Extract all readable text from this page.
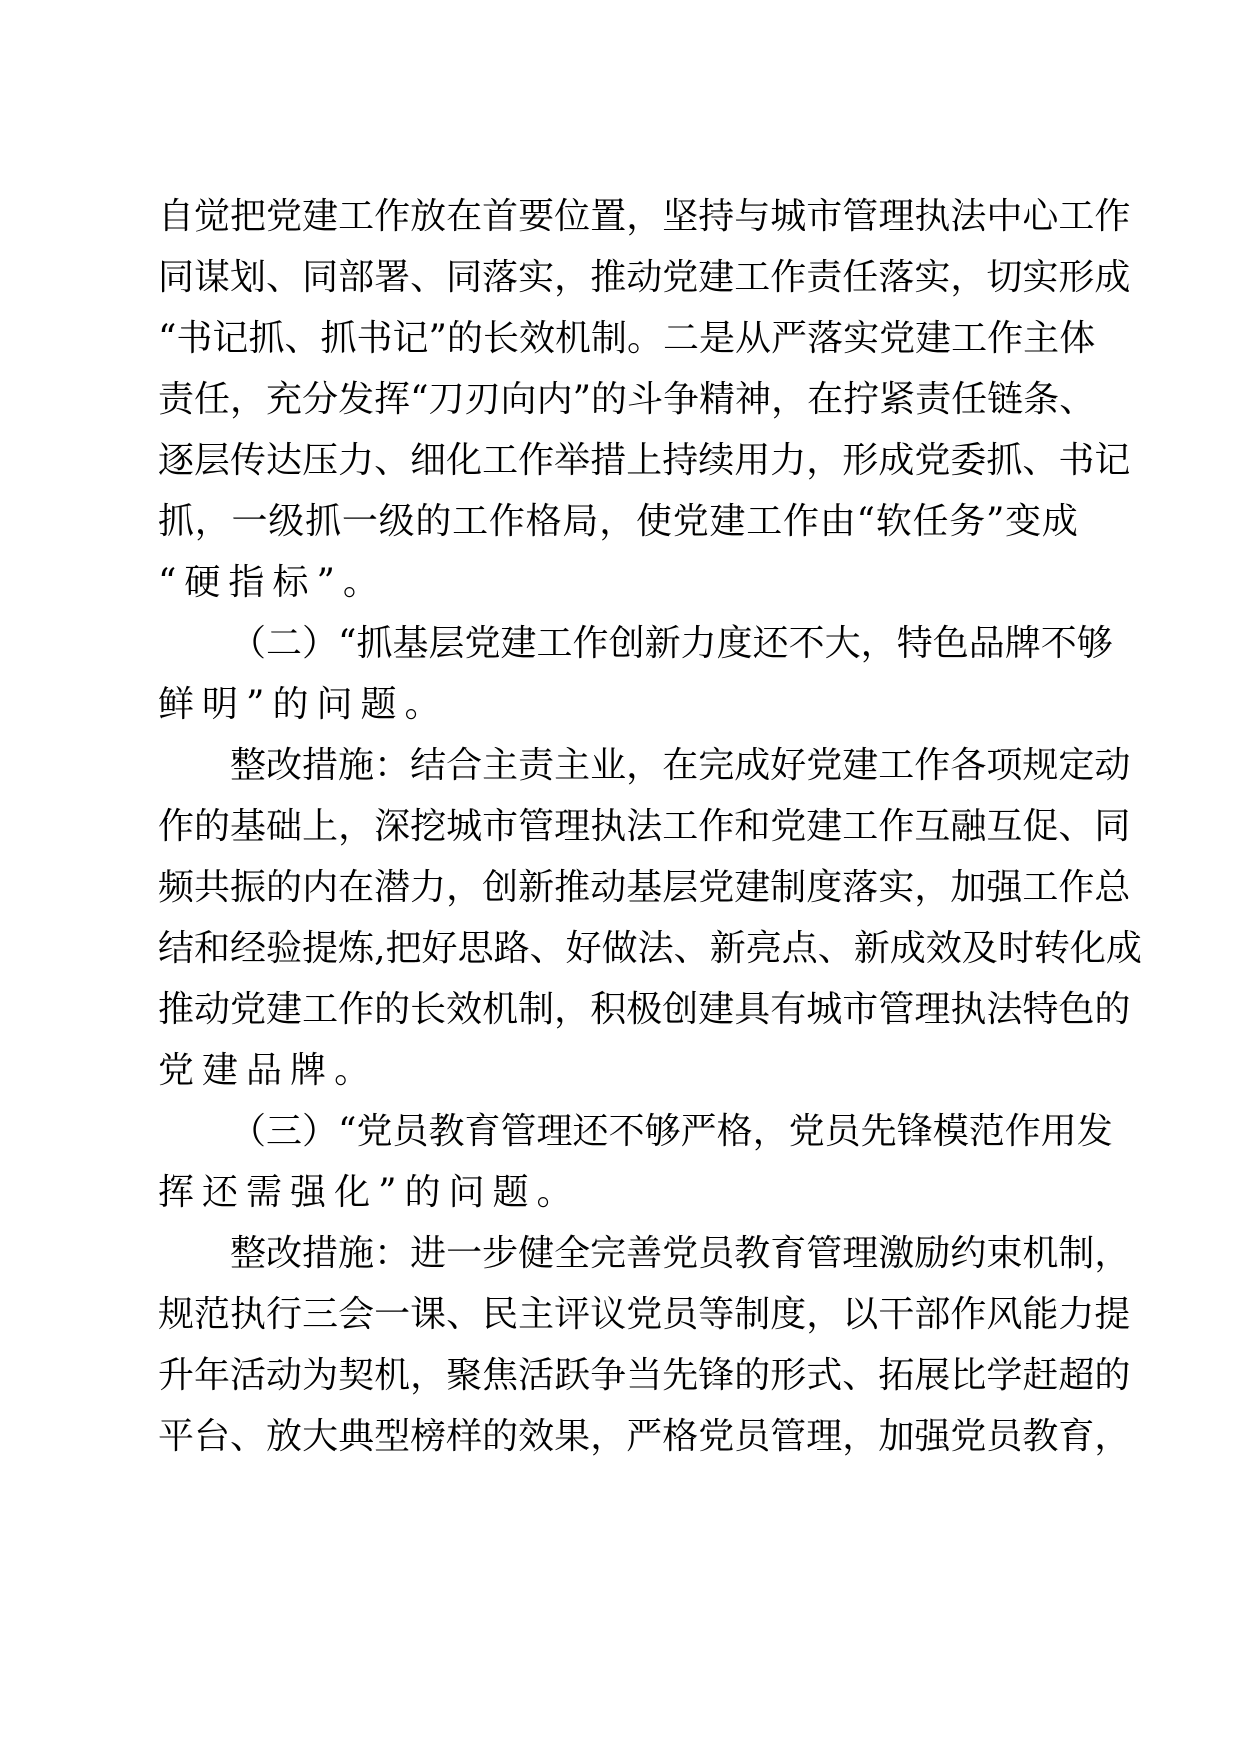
自 觉 把 党 建 工 作 放 在 首 要 位 置 ， 坚 持 与 城 市 管 理 执 法 中 心 工 作
同 谋 划 、 同 部 署 、 同 落 实 ， 推 动 党 建 工 作 责 任 落 实 ， 切 实 形 成
“ 书 记 抓 、 抓 书 记 ” 的 长 效 机 制 。 二 是 从 严 落 实 党 建 工 作 主 体
责 任 ， 充 分 发 挥 “ 刀 刃 向 内 ” 的 斗 争 精 神 ， 在 拧 紧 责 任 链 条 、
逐 层 传 达 压 力 、 细 化 工 作 举 措 上 持 续 用 力 ， 形 成 党 委 抓 、 书 记
抓 ， 一 级 抓 一 级 的 工 作 格 局 ， 使 党 建 工 作 由 “ 软 任 务 ” 变 成
“ 硬 指 标 ” 。
（ 二 ） “ 抓 基 层 党 建 工 作 创 新 力 度 还 不 大 ， 特 色 品 牌 不 够
鲜 明 ” 的 问 题 。
整 改 措 施 ： 结 合 主 责 主 业 ， 在 完 成 好 党 建 工 作 各 项 规 定 动
作 的 基 础 上 ， 深 挖 城 市 管 理 执 法 工 作 和 党 建 工 作 互 融 互 促 、 同
频 共 振 的 内 在 潜 力 ， 创 新 推 动 基 层 党 建 制 度 落 实 ， 加 强 工 作 总
结 和 经 验 提 炼 , 把 好 思 路 、 好 做 法 、 新 亮 点 、 新 成 效 及 时 转 化 成
推 动 党 建 工 作 的 长 效 机 制 ， 积 极 创 建 具 有 城 市 管 理 执 法 特 色 的
党 建 品 牌 。
（ 三 ） “ 党 员 教 育 管 理 还 不 够 严 格 ， 党 员 先 锋 模 范 作 用 发
挥 还 需 强 化 ” 的 问 题 。
整 改 措 施 ： 进 一 步 健 全 完 善 党 员 教 育 管 理 激 励 约 束 机 制 ，
规 范 执 行 三 会 一 课 、 民 主 评 议 党 员 等 制 度 ， 以 干 部 作 风 能 力 提
升 年 活 动 为 契 机 ， 聚 焦 活 跃 争 当 先 锋 的 形 式 、 拓 展 比 学 赶 超 的
平 台 、 放 大 典 型 榜 样 的 效 果 ， 严 格 党 员 管 理 ， 加 强 党 员 教 育 ，
